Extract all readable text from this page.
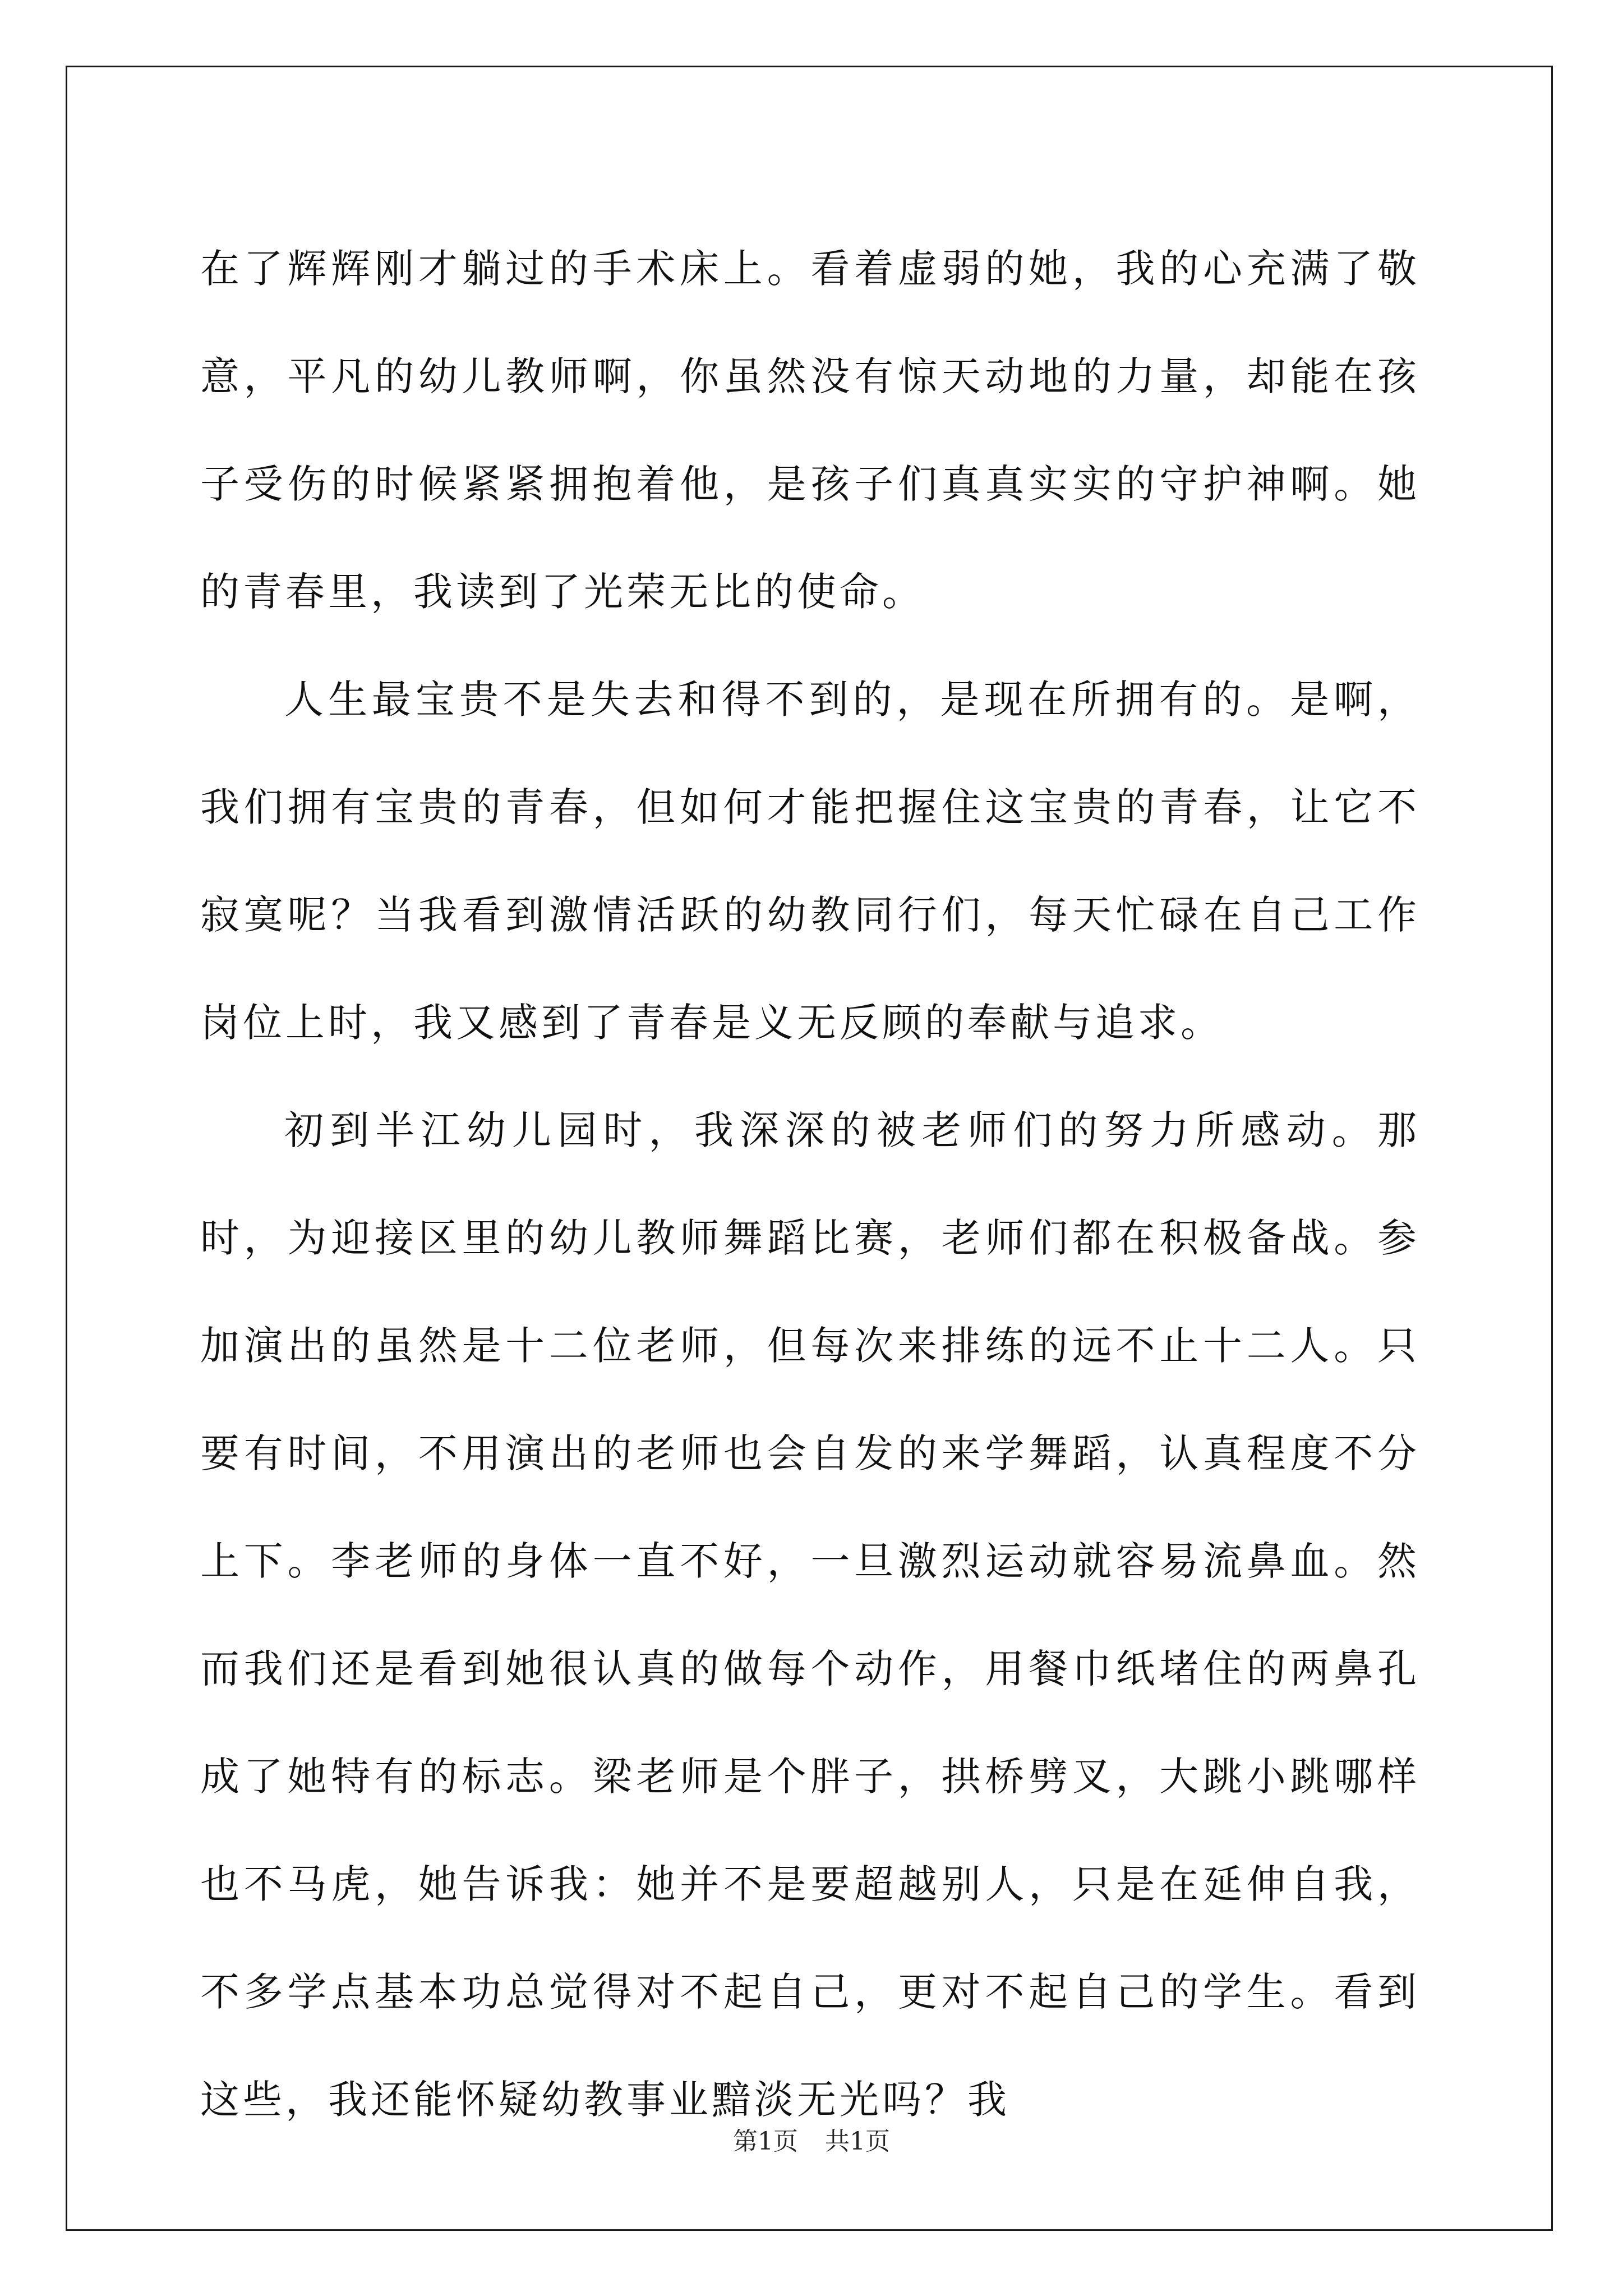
在了辉辉刚才躺过的手术床上。看着虚弱的她，我的心充满了敬意，平凡的幼儿教师啊，你虽然没有惊天动地的力量，却能在孩子受伤的时候紧紧拥抱着他，是孩子们真真实实的守护神啊。她的青春里，我读到了光荣无比的使命。

人生最宝贵不是失去和得不到的，是现在所拥有的。是啊，我们拥有宝贵的青春，但如何才能把握住这宝贵的青春，让它不寂寞呢？当我看到激情活跃的幼教同行们，每天忙碌在自己工作岗位上时，我又感到了青春是义无反顾的奉献与追求。

初到半江幼儿园时，我深深的被老师们的努力所感动。那时，为迎接区里的幼儿教师舞蹈比赛，老师们都在积极备战。参加演出的虽然是十二位老师，但每次来排练的远不止十二人。只要有时间，不用演出的老师也会自发的来学舞蹈，认真程度不分上下。李老师的身体一直不好，一旦激烈运动就容易流鼻血。然而我们还是看到她很认真的做每个动作，用餐巾纸堵住的两鼻孔成了她特有的标志。梁老师是个胖子，拱桥劈叉，大跳小跳哪样也不马虎，她告诉我：她并不是要超越别人，只是在延伸自我，不多学点基本功总觉得对不起自己，更对不起自己的学生。看到这些，我还能怀疑幼教事业黯淡无光吗？我

第1页 共1页
